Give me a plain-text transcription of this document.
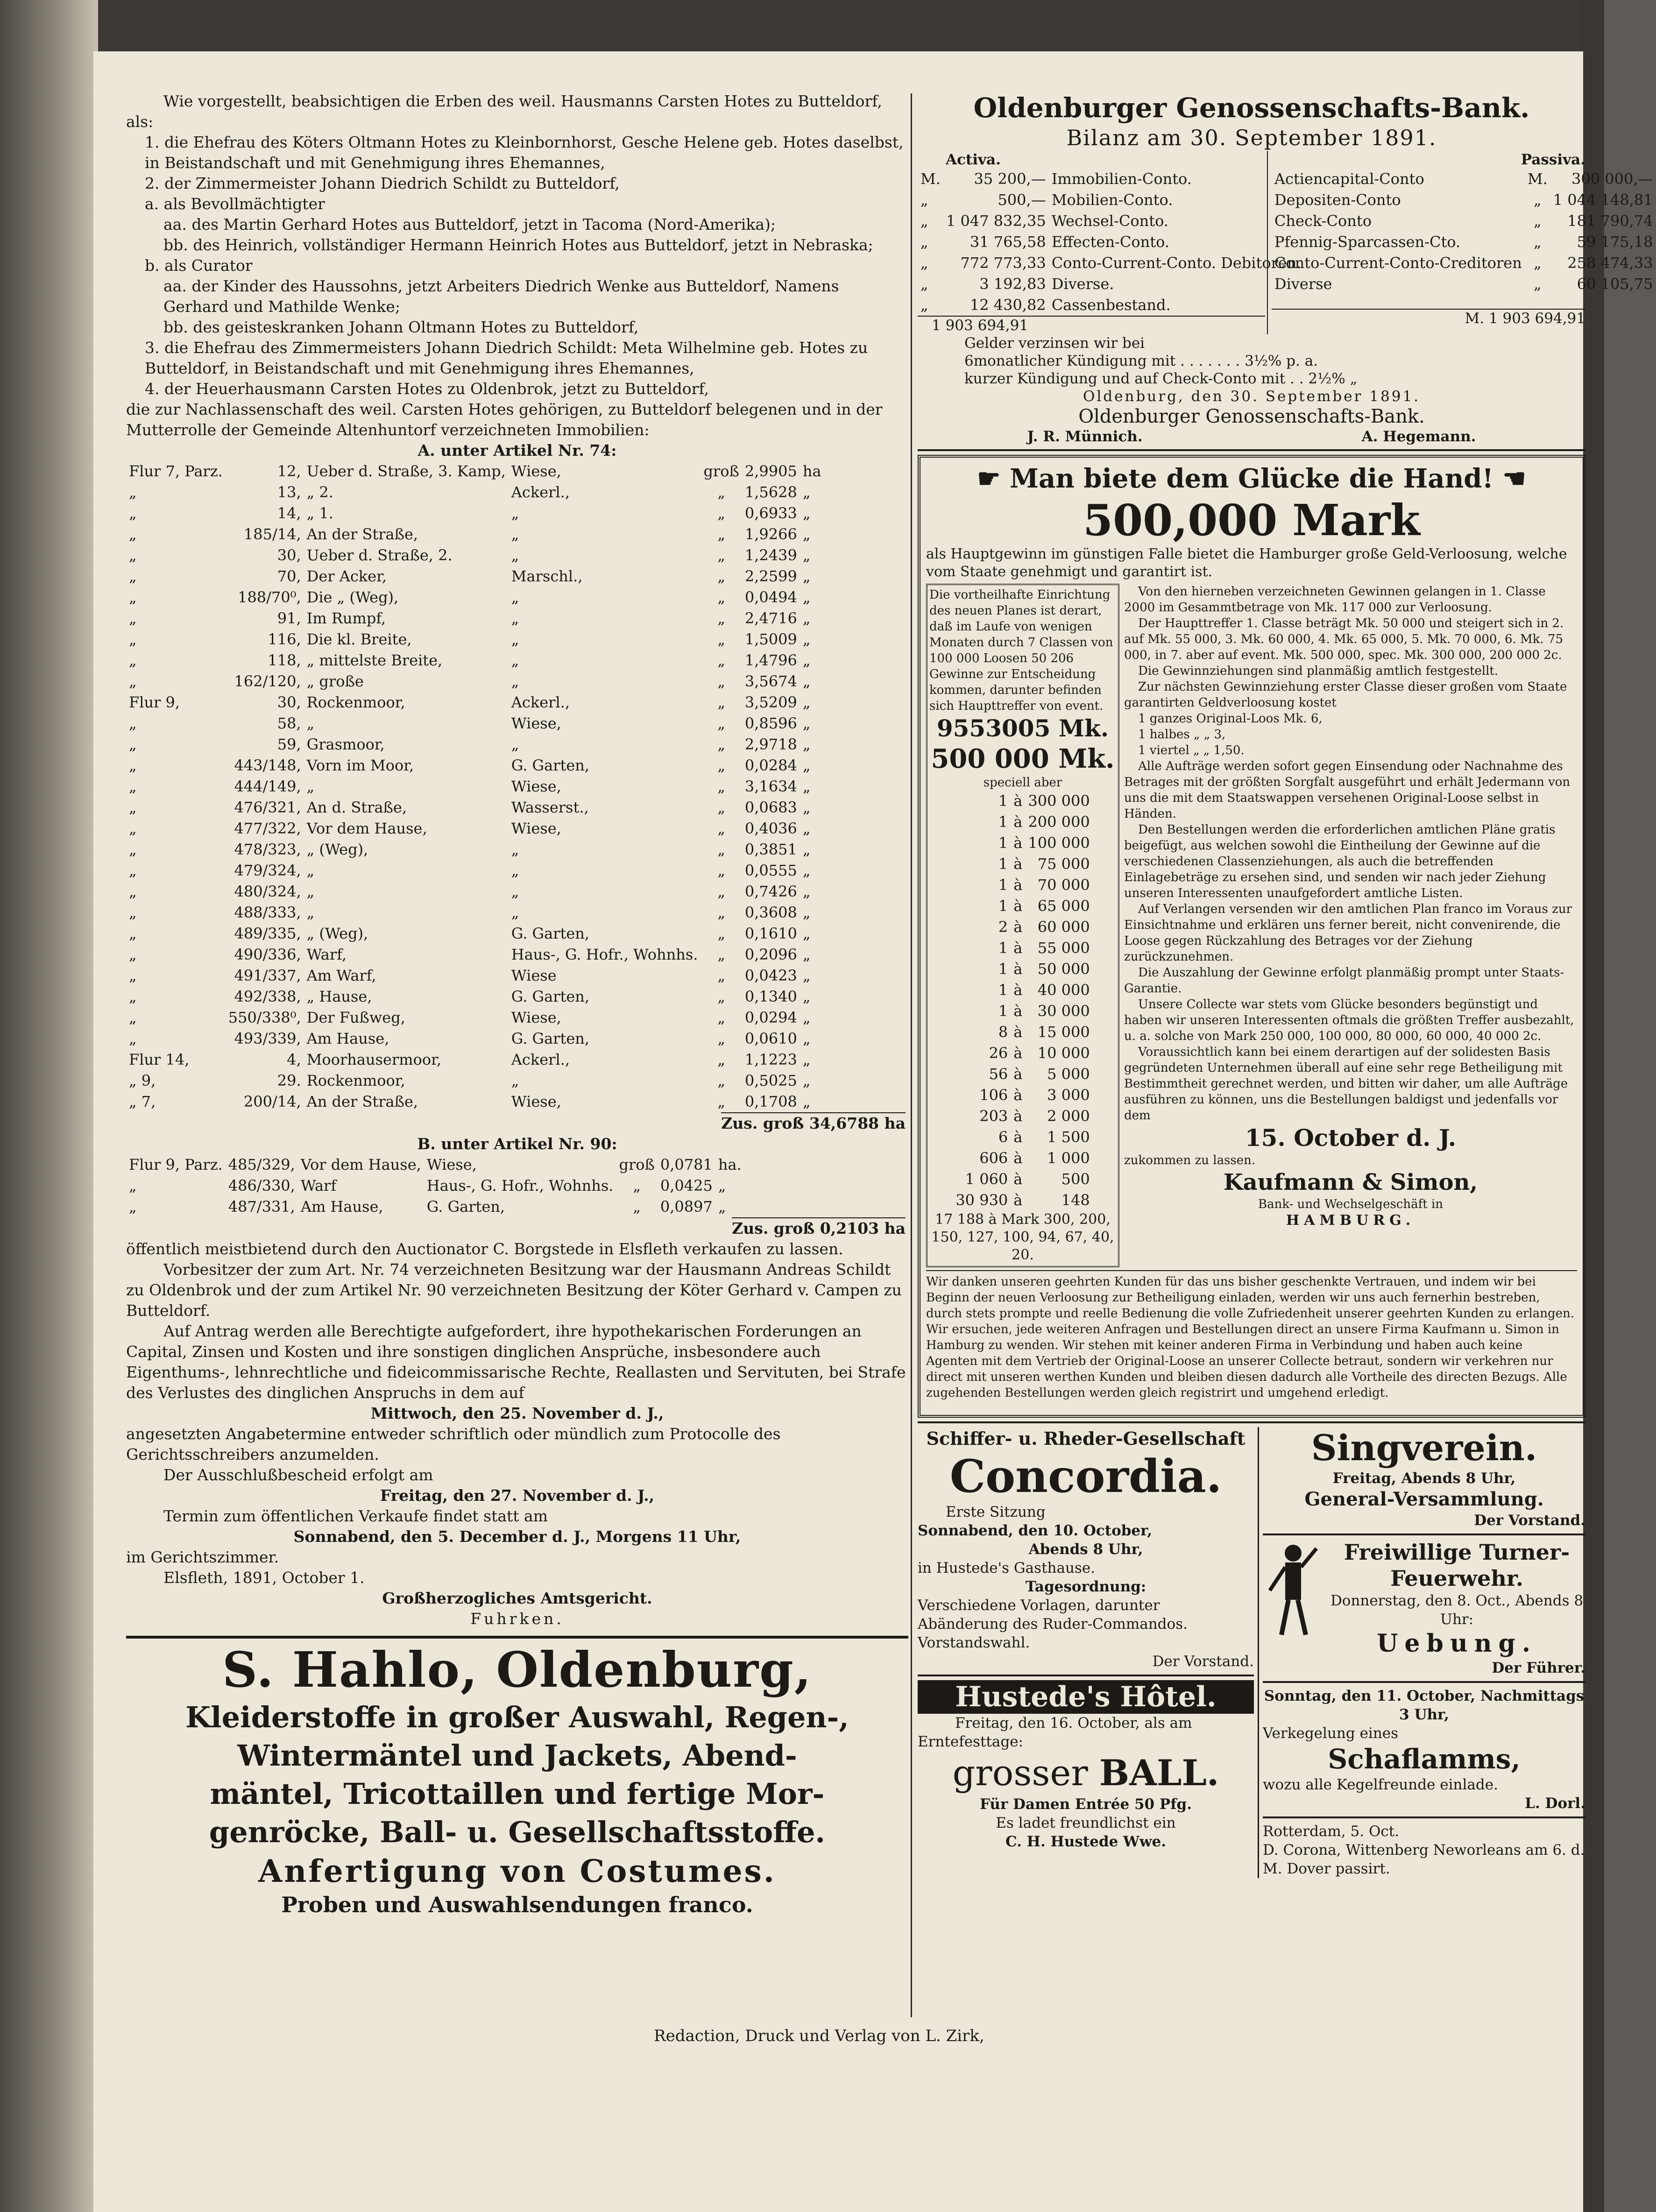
Wie vorgestellt, beabsichtigen die Erben des weil. Hausmanns Carsten Hotes zu Butteldorf, als:

1. die Ehefrau des Köters Oltmann Hotes zu Kleinbornhorst, Gesche Helene geb. Hotes daselbst, in Beistandschaft und mit Genehmigung ihres Ehemannes,

2. der Zimmermeister Johann Diedrich Schildt zu Butteldorf,

a. als Bevollmächtigter

aa. des Martin Gerhard Hotes aus Butteldorf, jetzt in Tacoma (Nord-Amerika);

bb. des Heinrich, vollständiger Hermann Heinrich Hotes aus Butteldorf, jetzt in Nebraska;

b. als Curator

aa. der Kinder des Haussohns, jetzt Arbeiters Diedrich Wenke aus Butteldorf, Namens Gerhard und Mathilde Wenke;

bb. des geisteskranken Johann Oltmann Hotes zu Butteldorf,

3. die Ehefrau des Zimmermeisters Johann Diedrich Schildt: Meta Wilhelmine geb. Hotes zu Butteldorf, in Beistandschaft und mit Genehmigung ihres Ehemannes,

4. der Heuerhausmann Carsten Hotes zu Oldenbrok, jetzt zu Butteldorf,

die zur Nachlassenschaft des weil. Carsten Hotes gehörigen, zu Butteldorf belegenen und in der Mutterrolle der Gemeinde Altenhuntorf verzeichneten Immobilien:

A. unter Artikel Nr. 74:

Flur 7, Parz.	12,	Ueber d. Straße, 3. Kamp,	Wiese,	groß	2,9905	ha
„	13,	„ 2.	Ackerl.,	„	1,5628	„
„	14,	„ 1.	„	„	0,6933	„
„	185/14,	An der Straße,	„	„	1,9266	„
„	30,	Ueber d. Straße, 2.	„	„	1,2439	„
„	70,	Der Acker,	Marschl.,	„	2,2599	„
„	188/70⁰,	Die „ (Weg),	„	„	0,0494	„
„	91,	Im Rumpf,	„	„	2,4716	„
„	116,	Die kl. Breite,	„	„	1,5009	„
„	118,	„ mittelste Breite,	„	„	1,4796	„
„	162/120,	„ große	„	„	3,5674	„
Flur 9,	30,	Rockenmoor,	Ackerl.,	„	3,5209	„
„	58,	„	Wiese,	„	0,8596	„
„	59,	Grasmoor,	„	„	2,9718	„
„	443/148,	Vorn im Moor,	G. Garten,	„	0,0284	„
„	444/149,	„	Wiese,	„	3,1634	„
„	476/321,	An d. Straße,	Wasserst.,	„	0,0683	„
„	477/322,	Vor dem Hause,	Wiese,	„	0,4036	„
„	478/323,	„ (Weg),	„	„	0,3851	„
„	479/324,	„	„	„	0,0555	„
„	480/324,	„	„	„	0,7426	„
„	488/333,	„	„	„	0,3608	„
„	489/335,	„ (Weg),	G. Garten,	„	0,1610	„
„	490/336,	Warf,	Haus-, G. Hofr., Wohnhs.	„	0,2096	„
„	491/337,	Am Warf,	Wiese	„	0,0423	„
„	492/338,	„ Hause,	G. Garten,	„	0,1340	„
„	550/338⁰,	Der Fußweg,	Wiese,	„	0,0294	„
„	493/339,	Am Hause,	G. Garten,	„	0,0610	„
Flur 14,	4,	Moorhausermoor,	Ackerl.,	„	1,1223	„
„ 9,	29.	Rockenmoor,	„	„	0,5025	„
„ 7,	200/14,	An der Straße,	Wiese,	„	0,1708	„

Zus. groß 34,6788 ha

B. unter Artikel Nr. 90:

Flur 9, Parz.	485/329,	Vor dem Hause,	Wiese,	groß	0,0781	ha.
„	486/330,	Warf	Haus-, G. Hofr., Wohnhs.	„	0,0425	„
„	487/331,	Am Hause,	G. Garten,	„	0,0897	„

Zus. groß 0,2103 ha

öffentlich meistbietend durch den Auctionator C. Borgstede in Elsfleth verkaufen zu lassen.

Vorbesitzer der zum Art. Nr. 74 verzeichneten Besitzung war der Hausmann Andreas Schildt zu Oldenbrok und der zum Artikel Nr. 90 verzeichneten Besitzung der Köter Gerhard v. Campen zu Butteldorf.

Auf Antrag werden alle Berechtigte aufgefordert, ihre hypothekarischen Forderungen an Capital, Zinsen und Kosten und ihre sonstigen dinglichen Ansprüche, insbesondere auch Eigenthums-, lehnrechtliche und fideicommissarische Rechte, Reallasten und Servituten, bei Strafe des Verlustes des dinglichen Anspruchs in dem auf

Mittwoch, den 25. November d. J.,

angesetzten Angabetermine entweder schriftlich oder mündlich zum Protocolle des Gerichtsschreibers anzumelden.

Der Ausschlußbescheid erfolgt am

Freitag, den 27. November d. J.,

Termin zum öffentlichen Verkaufe findet statt am

Sonnabend, den 5. December d. J., Morgens 11 Uhr,

im Gerichtszimmer.

Elsfleth, 1891, October 1.

Großherzogliches Amtsgericht.

Fuhrken.

S. Hahlo, Oldenburg,

Kleiderstoffe in großer Auswahl, Regen-,

Wintermäntel und Jackets, Abend-

mäntel, Tricottaillen und fertige Mor-

genröcke, Ball- u. Gesellschaftsstoffe.

Anfertigung von Costumes.

Proben und Auswahlsendungen franco.

Oldenburger Genossenschafts-Bank.

Bilanz am 30. September 1891.

Activa.

M.	35 200,—	Immobilien-Conto.
„	500,—	Mobilien-Conto.
„	1 047 832,35	Wechsel-Conto.
„	31 765,58	Effecten-Conto.
„	772 773,33	Conto-Current-Conto. Debitoren.
„	3 192,83	Diverse.
„	12 430,82	Cassenbestand.

1 903 694,91

Passiva.

Actiencapital-Conto	M.	300 000,—
Depositen-Conto	„	1 044 148,81
Check-Conto	„	181 790,74
Pfennig-Sparcassen-Cto.	„	59 175,18
Conto-Current-Conto-Creditoren	„	258 474,33
Diverse	„	60 105,75

M. 1 903 694,91

Gelder verzinsen wir bei

6monatlicher Kündigung mit . . . . . . . 3½% p. a.

kurzer Kündigung und auf Check-Conto mit . . 2½% „

Oldenburg, den 30. September 1891.

Oldenburger Genossenschafts-Bank.

J. R. Münnich.	A. Hegemann.

☛ Man biete dem Glücke die Hand! ☚

500,000 Mark

als Hauptgewinn im günstigen Falle bietet die Hamburger große Geld-Verloosung, welche vom Staate genehmigt und garantirt ist.

Die vortheilhafte Einrichtung des neuen Planes ist derart, daß im Laufe von wenigen Monaten durch 7 Classen von 100 000 Loosen 50 206 Gewinne zur Entscheidung kommen, darunter befinden sich Haupttreffer von event.

9553005 Mk.

500 000 Mk.

speciell aber

1	à	300 000
1	à	200 000
1	à	100 000
1	à	75 000
1	à	70 000
1	à	65 000
2	à	60 000
1	à	55 000
1	à	50 000
1	à	40 000
1	à	30 000
8	à	15 000
26	à	10 000
56	à	5 000
106	à	3 000
203	à	2 000
6	à	1 500
606	à	1 000
1 060	à	500
30 930	à	148

17 188 à Mark 300, 200, 150, 127, 100, 94, 67, 40, 20.

Von den hierneben verzeichneten Gewinnen gelangen in 1. Classe 2000 im Gesammtbetrage von Mk. 117 000 zur Verloosung.

Der Haupttreffer 1. Classe beträgt Mk. 50 000 und steigert sich in 2. auf Mk. 55 000, 3. Mk. 60 000, 4. Mk. 65 000, 5. Mk. 70 000, 6. Mk. 75 000, in 7. aber auf event. Mk. 500 000, spec. Mk. 300 000, 200 000 2c.

Die Gewinnziehungen sind planmäßig amtlich festgestellt.

Zur nächsten Gewinnziehung erster Classe dieser großen vom Staate garantirten Geldverloosung kostet

1 ganzes Original-Loos Mk. 6,

1 halbes „ „ 3,

1 viertel „ „ 1,50.

Alle Aufträge werden sofort gegen Einsendung oder Nachnahme des Betrages mit der größten Sorgfalt ausgeführt und erhält Jedermann von uns die mit dem Staatswappen versehenen Original-Loose selbst in Händen.

Den Bestellungen werden die erforderlichen amtlichen Pläne gratis beigefügt, aus welchen sowohl die Eintheilung der Gewinne auf die verschiedenen Classenziehungen, als auch die betreffenden Einlagebeträge zu ersehen sind, und senden wir nach jeder Ziehung unseren Interessenten unaufgefordert amtliche Listen.

Auf Verlangen versenden wir den amtlichen Plan franco im Voraus zur Einsichtnahme und erklären uns ferner bereit, nicht convenirende, die Loose gegen Rückzahlung des Betrages vor der Ziehung zurückzunehmen.

Die Auszahlung der Gewinne erfolgt planmäßig prompt unter Staats-Garantie.

Unsere Collecte war stets vom Glücke besonders begünstigt und haben wir unseren Interessenten oftmals die größten Treffer ausbezahlt, u. a. solche von Mark 250 000, 100 000, 80 000, 60 000, 40 000 2c.

Voraussichtlich kann bei einem derartigen auf der solidesten Basis gegründeten Unternehmen überall auf eine sehr rege Betheiligung mit Bestimmtheit gerechnet werden, und bitten wir daher, um alle Aufträge ausführen zu können, uns die Bestellungen baldigst und jedenfalls vor dem

15. October d. J.

zukommen zu lassen.

Kaufmann & Simon,

Bank- und Wechselgeschäft in

HAMBURG.

Wir danken unseren geehrten Kunden für das uns bisher geschenkte Vertrauen, und indem wir bei Beginn der neuen Verloosung zur Betheiligung einladen, werden wir uns auch fernerhin bestreben, durch stets prompte und reelle Bedienung die volle Zufriedenheit unserer geehrten Kunden zu erlangen. Wir ersuchen, jede weiteren Anfragen und Bestellungen direct an unsere Firma Kaufmann u. Simon in Hamburg zu wenden. Wir stehen mit keiner anderen Firma in Verbindung und haben auch keine Agenten mit dem Vertrieb der Original-Loose an unserer Collecte betraut, sondern wir verkehren nur direct mit unseren werthen Kunden und bleiben diesen dadurch alle Vortheile des directen Bezugs. Alle zugehenden Bestellungen werden gleich registrirt und umgehend erledigt.

Schiffer- u. Rheder-Gesellschaft

Concordia.

Erste Sitzung

Sonnabend, den 10. October,

Abends 8 Uhr,

in Hustede's Gasthause.

Tagesordnung:

Verschiedene Vorlagen, darunter Abänderung des Ruder-Commandos.

Vorstandswahl.

Der Vorstand.

Hustede's Hôtel.

Freitag, den 16. October, als am Erntefesttage:

grosser BALL.

Für Damen Entrée 50 Pfg.

Es ladet freundlichst ein

C. H. Hustede Wwe.

Singverein.

Freitag, Abends 8 Uhr,

General-Versammlung.

Der Vorstand.

Freiwillige Turner-Feuerwehr.

Donnerstag, den 8. Oct., Abends 8 Uhr:

Uebung.

Der Führer.

Sonntag, den 11. October, Nachmittags 3 Uhr,

Verkegelung eines

Schaflamms,

wozu alle Kegelfreunde einlade.

L. Dorl.

Rotterdam, 5. Oct.

D. Corona, Wittenberg Neworleans am 6. d. M. Dover passirt.

Redaction, Druck und Verlag von L. Zirk,
